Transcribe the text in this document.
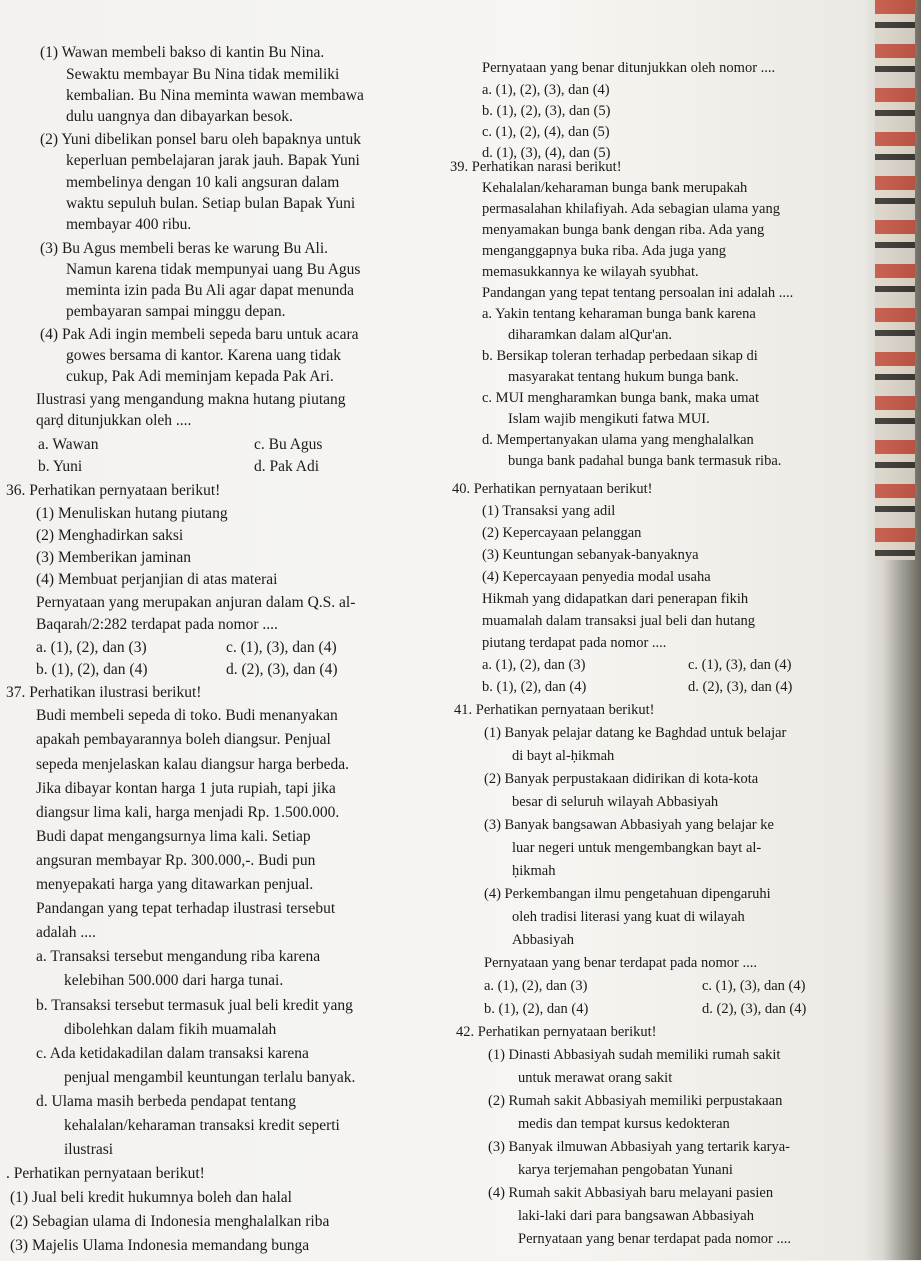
(1) Wawan membeli bakso di kantin Bu Nina.
Sewaktu membayar Bu Nina tidak memiliki
kembalian. Bu Nina meminta wawan membawa
dulu uangnya dan dibayarkan besok.
(2) Yuni dibelikan ponsel baru oleh bapaknya untuk
keperluan pembelajaran jarak jauh. Bapak Yuni
membelinya dengan 10 kali angsuran dalam
waktu sepuluh bulan. Setiap bulan Bapak Yuni
membayar 400 ribu.
(3) Bu Agus membeli beras ke warung Bu Ali.
Namun karena tidak mempunyai uang Bu Agus
meminta izin pada Bu Ali agar dapat menunda
pembayaran sampai minggu depan.
(4) Pak Adi ingin membeli sepeda baru untuk acara
gowes bersama di kantor. Karena uang tidak
cukup, Pak Adi meminjam kepada Pak Ari.
Ilustrasi yang mengandung makna hutang piutang
qarḍ ditunjukkan oleh ....
a. Wawan	c. Bu Agus
b. Yuni	d. Pak Adi
36. Perhatikan pernyataan berikut!
(1) Menuliskan hutang piutang
(2) Menghadirkan saksi
(3) Memberikan jaminan
(4) Membuat perjanjian di atas materai
Pernyataan yang merupakan anjuran dalam Q.S. al-
Baqarah/2:282 terdapat pada nomor ....
a. (1), (2), dan (3)	c. (1), (3), dan (4)
b. (1), (2), dan (4)	d. (2), (3), dan (4)
37. Perhatikan ilustrasi berikut!
Budi membeli sepeda di toko. Budi menanyakan
apakah pembayarannya boleh diangsur. Penjual
sepeda menjelaskan kalau diangsur harga berbeda.
Jika dibayar kontan harga 1 juta rupiah, tapi jika
diangsur lima kali, harga menjadi Rp. 1.500.000.
Budi dapat mengangsurnya lima kali. Setiap
angsuran membayar Rp. 300.000,-. Budi pun
menyepakati harga yang ditawarkan penjual.
Pandangan yang tepat terhadap ilustrasi tersebut
adalah ....
a. Transaksi tersebut mengandung riba karena
kelebihan 500.000 dari harga tunai.
b. Transaksi tersebut termasuk jual beli kredit yang
dibolehkan dalam fikih muamalah
c. Ada ketidakadilan dalam transaksi karena
penjual mengambil keuntungan terlalu banyak.
d. Ulama masih berbeda pendapat tentang
kehalalan/keharaman transaksi kredit seperti
ilustrasi
. Perhatikan pernyataan berikut!
(1) Jual beli kredit hukumnya boleh dan halal
(2) Sebagian ulama di Indonesia menghalalkan riba
(3) Majelis Ulama Indonesia memandang bunga
Pernyataan yang benar ditunjukkan oleh nomor ....
a. (1), (2), (3), dan (4)
b. (1), (2), (3), dan (5)
c. (1), (2), (4), dan (5)
d. (1), (3), (4), dan (5)
39. Perhatikan narasi berikut!
Kehalalan/keharaman bunga bank merupakah
permasalahan khilafiyah. Ada sebagian ulama yang
menyamakan bunga bank dengan riba. Ada yang
menganggapnya buka riba. Ada juga yang
memasukkannya ke wilayah syubhat.
Pandangan yang tepat tentang persoalan ini adalah ....
a. Yakin tentang keharaman bunga bank karena
diharamkan dalam alQur'an.
b. Bersikap toleran terhadap perbedaan sikap di
masyarakat tentang hukum bunga bank.
c. MUI mengharamkan bunga bank, maka umat
Islam wajib mengikuti fatwa MUI.
d. Mempertanyakan ulama yang menghalalkan
bunga bank padahal bunga bank termasuk riba.
40. Perhatikan pernyataan berikut!
(1) Transaksi yang adil
(2) Kepercayaan pelanggan
(3) Keuntungan sebanyak-banyaknya
(4) Kepercayaan penyedia modal usaha
Hikmah yang didapatkan dari penerapan fikih
muamalah dalam transaksi jual beli dan hutang
piutang terdapat pada nomor ....
a. (1), (2), dan (3)	c. (1), (3), dan (4)
b. (1), (2), dan (4)	d. (2), (3), dan (4)
41. Perhatikan pernyataan berikut!
(1) Banyak pelajar datang ke Baghdad untuk belajar
di bayt al-ḥikmah
(2) Banyak perpustakaan didirikan di kota-kota
besar di seluruh wilayah Abbasiyah
(3) Banyak bangsawan Abbasiyah yang belajar ke
luar negeri untuk mengembangkan bayt al-
ḥikmah
(4) Perkembangan ilmu pengetahuan dipengaruhi
oleh tradisi literasi yang kuat di wilayah
Abbasiyah
Pernyataan yang benar terdapat pada nomor ....
a. (1), (2), dan (3)	c. (1), (3), dan (4)
b. (1), (2), dan (4)	d. (2), (3), dan (4)
42. Perhatikan pernyataan berikut!
(1) Dinasti Abbasiyah sudah memiliki rumah sakit
untuk merawat orang sakit
(2) Rumah sakit Abbasiyah memiliki perpustakaan
medis dan tempat kursus kedokteran
(3) Banyak ilmuwan Abbasiyah yang tertarik karya-
karya terjemahan pengobatan Yunani
(4) Rumah sakit Abbasiyah baru melayani pasien
laki-laki dari para bangsawan Abbasiyah
Pernyataan yang benar terdapat pada nomor ....
